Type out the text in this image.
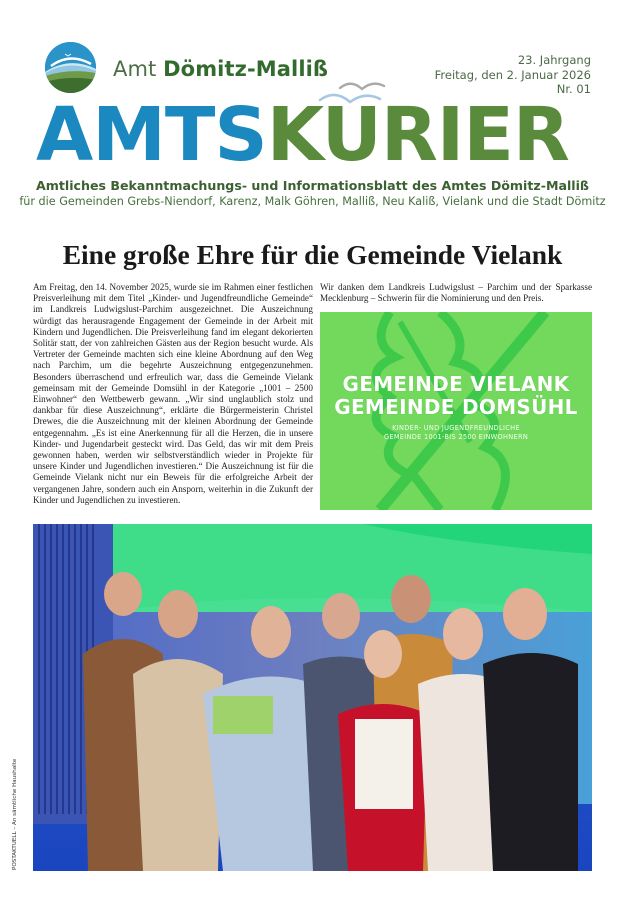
Amt Dömitz-Malliß	23. Jahrgang
Freitag, den 2. Januar 2026
Nr. 01
AMTSKURIER
Amtliches Bekanntmachungs- und Informationsblatt des Amtes Dömitz-Malliß
für die Gemeinden Grebs-Niendorf, Karenz, Malk Göhren, Malliß, Neu Kaliß, Vielank und die Stadt Dömitz
Eine große Ehre für die Gemeinde Vielank
Am Freitag, den 14. November 2025, wurde sie im Rahmen einer festlichen Preisverleihung mit dem Titel „Kinder- und Jugendfreundliche Gemeinde“ im Landkreis Ludwigslust-Parchim ausgezeichnet. Die Auszeichnung würdigt das herausragende Engagement der Gemeinde in der Arbeit mit Kindern und Jugendlichen. Die Preisverleihung fand im elegant dekorierten Solitär statt, der von zahlreichen Gästen aus der Region besucht wurde. Als Vertreter der Gemeinde machten sich eine kleine Abordnung auf den Weg nach Parchim, um die begehrte Auszeichnung entgegenzunehmen. Besonders überraschend und erfreulich war, dass die Gemeinde Vielank gemeinsam mit der Gemeinde Domsühl in der Kategorie „1001 – 2500 Einwohner“ den Wettbewerb gewann. „Wir sind unglaublich stolz und dankbar für diese Auszeichnung“, erklärte die Bürgermeisterin Christel Drewes, die die Auszeichnung mit der kleinen Abordnung der Gemeinde entgegennahm. „Es ist eine Anerkennung für all die Herzen, die in unsere Kinder- und Jugendarbeit gesteckt wird. Das Geld, das wir mit dem Preis gewonnen haben, werden wir selbstverständlich wieder in Projekte für unsere Kinder und Jugendlichen investieren.“ Die Auszeichnung ist für die Gemeinde Vielank nicht nur ein Beweis für die erfolgreiche Arbeit der vergangenen Jahre, sondern auch ein Ansporn, weiterhin in die Zukunft der Kinder und Jugendlichen zu investieren.
Wir danken dem Landkreis Ludwigslust – Parchim und der Sparkasse Mecklenburg – Schwerin für die Nominierung und den Preis.
GEMEINDE VIELANK
GEMEINDE DOMSÜHL
KINDER- UND JUGENDFREUNDLICHE
GEMEINDE 1001-BIS 2500 EINWOHNERN
POSTAKTUELL – An sämtliche Haushalte
